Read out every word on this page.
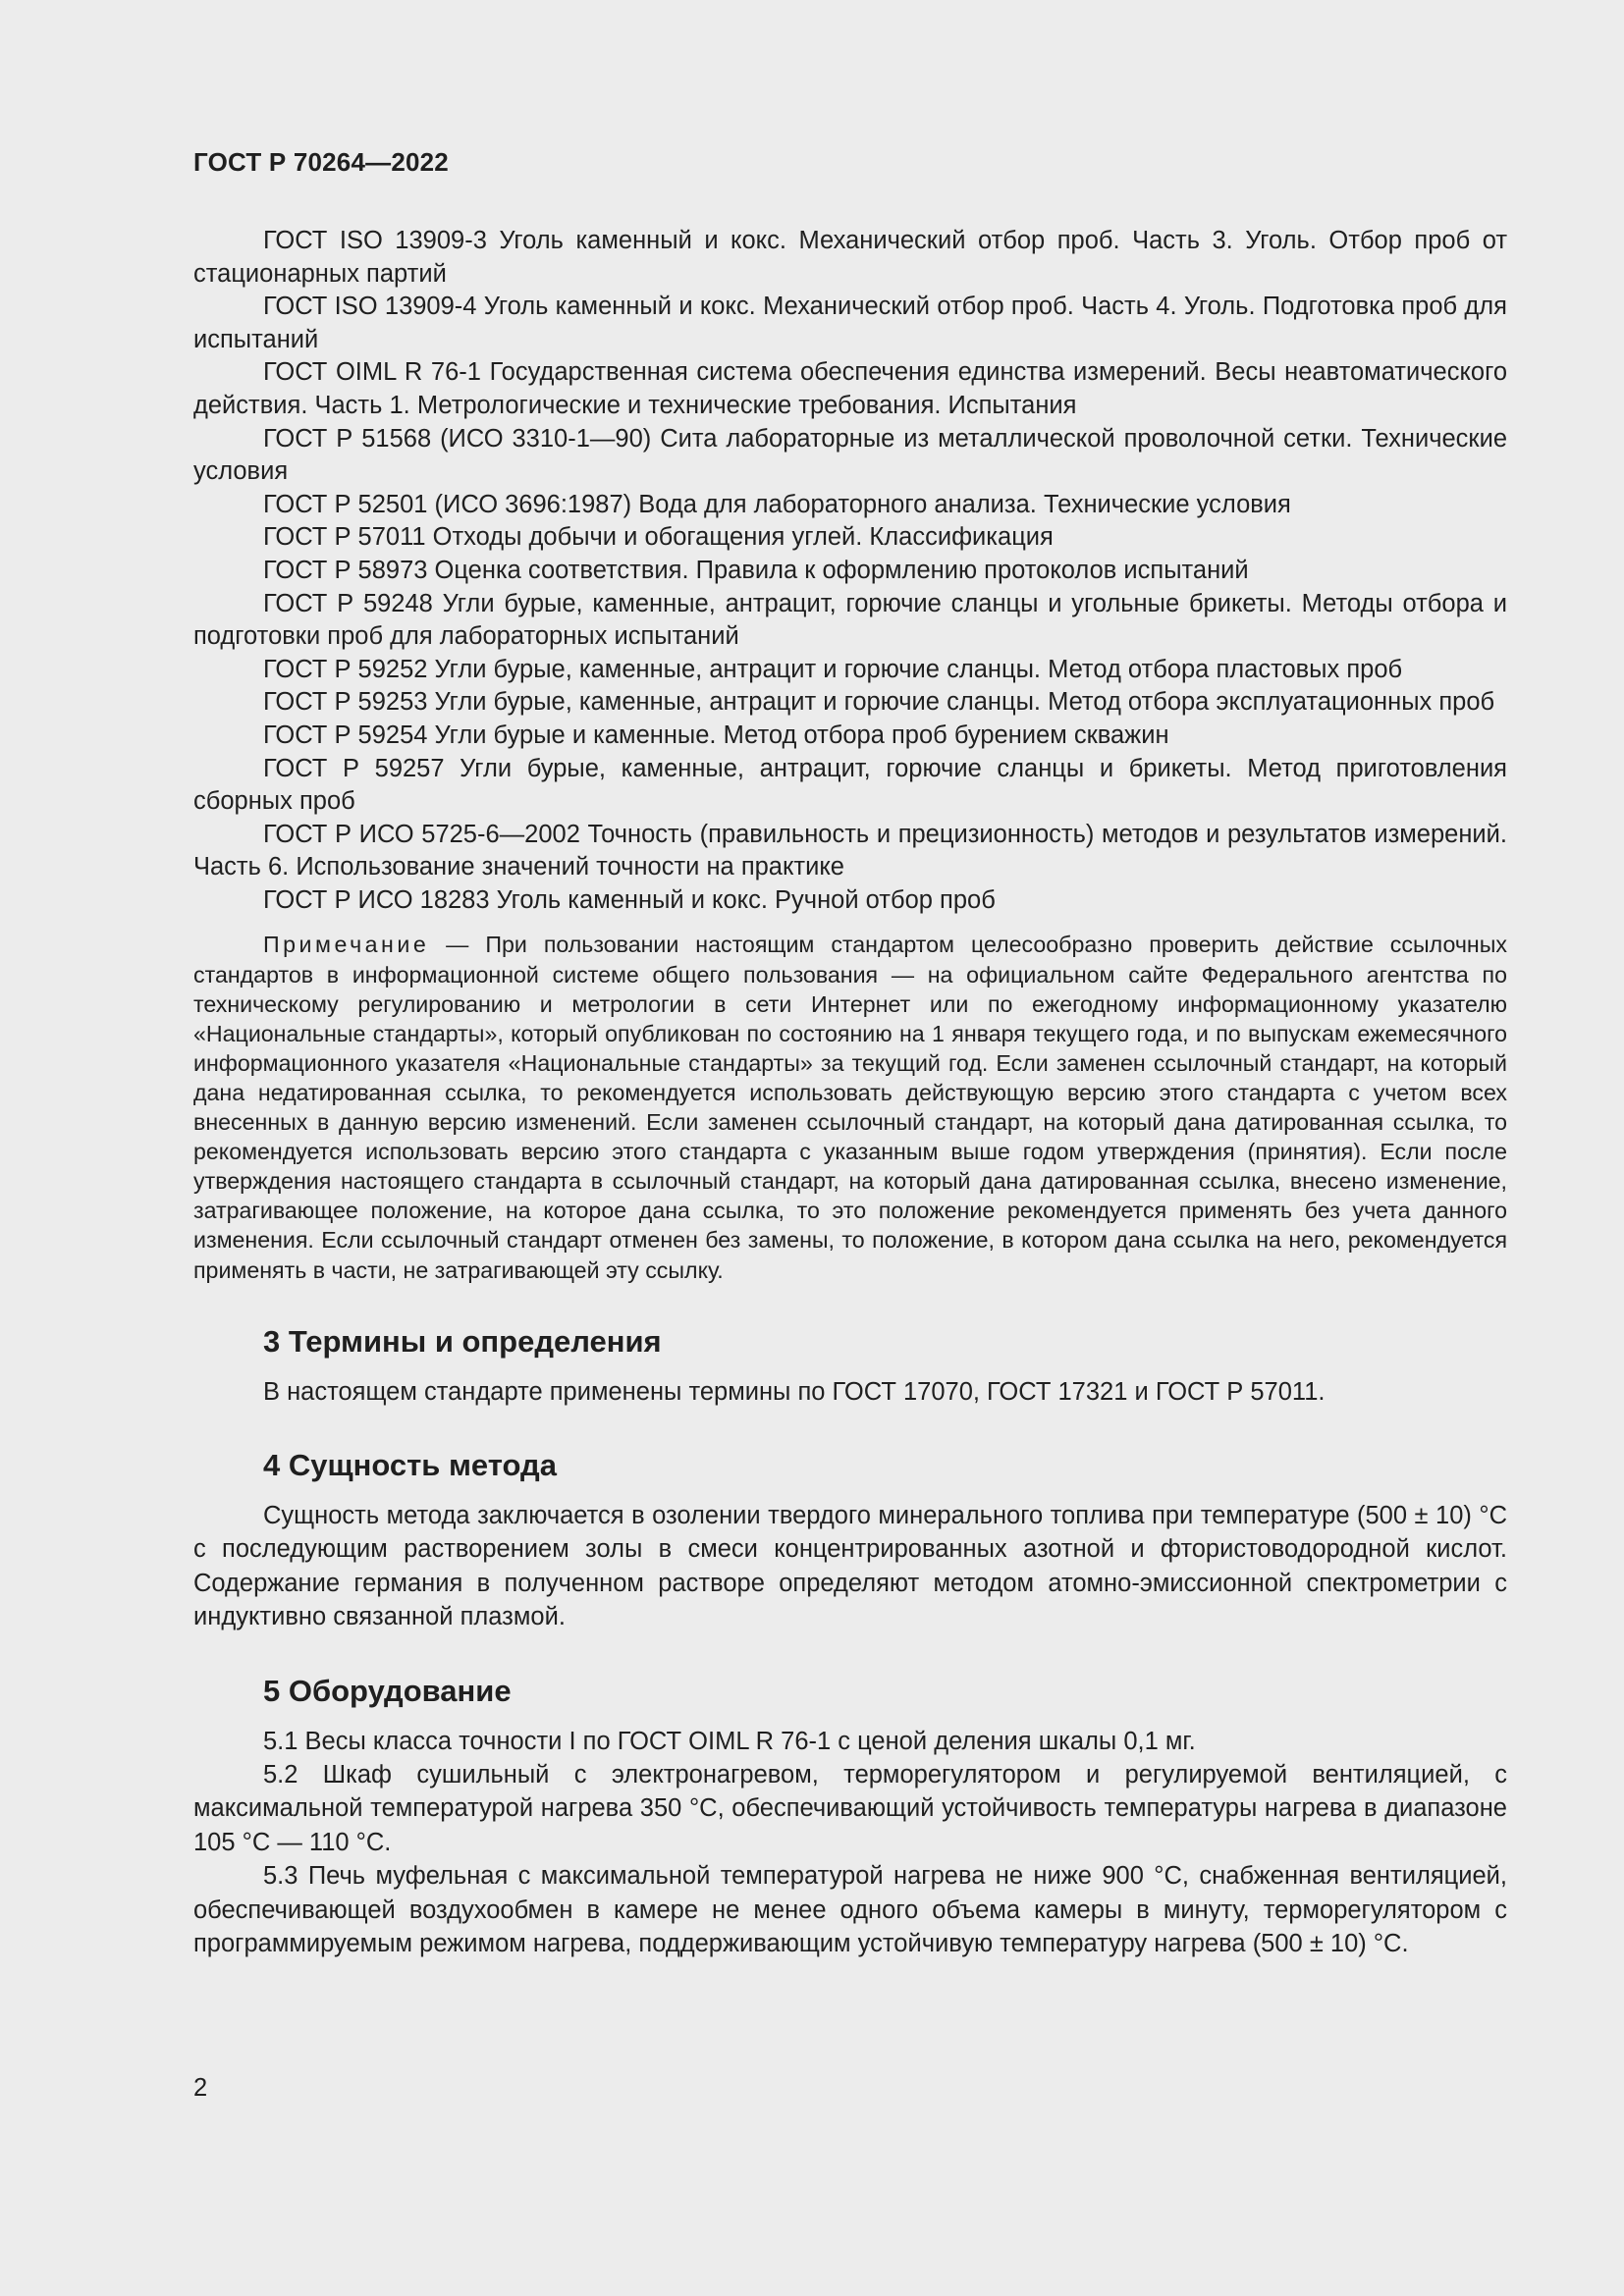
ГОСТ Р 70264—2022

ГОСТ ISO 13909-3 Уголь каменный и кокс. Механический отбор проб. Часть 3. Уголь. Отбор проб от стационарных партий

ГОСТ ISO 13909-4 Уголь каменный и кокс. Механический отбор проб. Часть 4. Уголь. Подготовка проб для испытаний

ГОСТ OIML R 76-1 Государственная система обеспечения единства измерений. Весы неавтоматического действия. Часть 1. Метрологические и технические требования. Испытания

ГОСТ Р 51568 (ИСО 3310-1—90) Сита лабораторные из металлической проволочной сетки. Технические условия

ГОСТ Р 52501 (ИСО 3696:1987) Вода для лабораторного анализа. Технические условия

ГОСТ Р 57011 Отходы добычи и обогащения углей. Классификация

ГОСТ Р 58973 Оценка соответствия. Правила к оформлению протоколов испытаний

ГОСТ Р 59248 Угли бурые, каменные, антрацит, горючие сланцы и угольные брикеты. Методы отбора и подготовки проб для лабораторных испытаний

ГОСТ Р 59252 Угли бурые, каменные, антрацит и горючие сланцы. Метод отбора пластовых проб

ГОСТ Р 59253 Угли бурые, каменные, антрацит и горючие сланцы. Метод отбора эксплуатационных проб

ГОСТ Р 59254 Угли бурые и каменные. Метод отбора проб бурением скважин

ГОСТ Р 59257 Угли бурые, каменные, антрацит, горючие сланцы и брикеты. Метод приготовления сборных проб

ГОСТ Р ИСО 5725-6—2002 Точность (правильность и прецизионность) методов и результатов измерений. Часть 6. Использование значений точности на практике

ГОСТ Р ИСО 18283 Уголь каменный и кокс. Ручной отбор проб

Примечание — При пользовании настоящим стандартом целесообразно проверить действие ссылочных стандартов в информационной системе общего пользования — на официальном сайте Федерального агентства по техническому регулированию и метрологии в сети Интернет или по ежегодному информационному указателю «Национальные стандарты», который опубликован по состоянию на 1 января текущего года, и по выпускам ежемесячного информационного указателя «Национальные стандарты» за текущий год. Если заменен ссылочный стандарт, на который дана недатированная ссылка, то рекомендуется использовать действующую версию этого стандарта с учетом всех внесенных в данную версию изменений. Если заменен ссылочный стандарт, на который дана датированная ссылка, то рекомендуется использовать версию этого стандарта с указанным выше годом утверждения (принятия). Если после утверждения настоящего стандарта в ссылочный стандарт, на который дана датированная ссылка, внесено изменение, затрагивающее положение, на которое дана ссылка, то это положение рекомендуется применять без учета данного изменения. Если ссылочный стандарт отменен без замены, то положение, в котором дана ссылка на него, рекомендуется применять в части, не затрагивающей эту ссылку.
3 Термины и определения

В настоящем стандарте применены термины по ГОСТ 17070, ГОСТ 17321 и ГОСТ Р 57011.

4 Сущность метода

Сущность метода заключается в озолении твердого минерального топлива при температуре (500 ± 10) °С с последующим растворением золы в смеси концентрированных азотной и фтористоводородной кислот. Содержание германия в полученном растворе определяют методом атомно-эмиссионной спектрометрии с индуктивно связанной плазмой.

5 Оборудование

5.1 Весы класса точности I по ГОСТ OIML R 76-1 с ценой деления шкалы 0,1 мг.

5.2 Шкаф сушильный с электронагревом, терморегулятором и регулируемой вентиляцией, с максимальной температурой нагрева 350 °С, обеспечивающий устойчивость температуры нагрева в диапазоне 105 °С — 110 °С.

5.3 Печь муфельная с максимальной температурой нагрева не ниже 900 °С, снабженная вентиляцией, обеспечивающей воздухообмен в камере не менее одного объема камеры в минуту, терморегулятором с программируемым режимом нагрева, поддерживающим устойчивую температуру нагрева (500 ± 10) °С.

2
